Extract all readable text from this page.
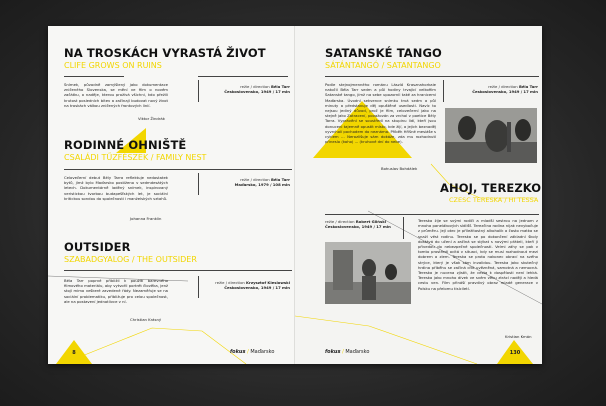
NA TROSKÁCH VYRASTÁ ŽIVOT
CLIFE GROWS ON RUINS
Snímek, původně zamýšlený jako dokumentace zničeného Slovenska, se mění ve film o novém začátku, o naděje, kterou prožívá všichni, kdo přežili krutost posledních bitev a začínají budovat nový život na troskách válkou zničených frontových linií.
Viktor Žindrák
režie / direction Béla Tarr
Československo, 1949 / 17 min
RODINNÉ OHNIŠTĚ
CSALÁDI TŰZFÉSZEK / FAMILY NEST
Celovečerní debut Bély Tarra reflektuje nedostatek bytů, jímž bylo Maďarsko postiženo v sedmdesátých letech. Dokumentárně laděný snímek, inspirovaný veristickou tvorbou budapešťských let, je sociální kritickou sondou do společnosti i manželských vztahů.
Johanna Franklin
režie / direction Béla Tarr
Maďarsko, 1979 / 108 min
OUTSIDER
SZABADGYALOG / THE OUTSIDER
Béla Tarr poprvé přibližil k použití barevného filmového materiálu, aby vytvořil portrét člověka, jenž stojí mimo veškeré zavedené řády. Nezaměřuje se na sociální problematiku, přibližuje pro celou společnost, ale na postavení jednotlivce v ní.
Christian Krásný
režie / direction Krzysztof Kieslowski
Československo, 1949 / 17 min
8	fokus / Maďarsko
SATANSKÉ TANGO
SÁTÁNTANGÓ / SATANTANGO
Podle stejnojmenného románu László Krasznahorkaie natočil Béla Tarr sedm a půl hodiny trvající velkofilm Satanské tango, jímž na sebe upozornil také za hranicemi Maďarska. Úvodní sekvence snímku trvá sedm a půl minuty a představuje děj opuštěné usedlosti. Navíc to nejsou jediný důvod, proč je film, celovečerní jako na stejně jako Zatracení, považován za vrchol v poetice Bély Tarra. Vyprávění se soustředí na skupinu lidí, kteří jsou donuceni tajemně opustit místo, kde žijí, a jejich beznaděj vyvrcholí pochodem do neznáma. Příběh Hříšné mesiáše s cyklem ... Nerozlišuje sám dokáže, zda mu rozhodnutí přineslo (koho) ... (kruhové dní do nebe).
Bohuslav Bohdálek
režie / direction Béla Tarr
Československo, 1949 / 17 min
AHOJ, TEREZKO
CZESC TERESKA / HI TESSA
režie / direction Robert Gliński
Československo, 1949 / 17 min
Tereska žije se svými rodiči a mladší sestrou na jednom z mnoha panelákových sídlišť. Terezčina rodina nijak nevybočuje z průměru. Její otec je příležitostný alkoholik a často matka se snaží vést rodinu. Tereska se po dokončení základní školy dostává do učení a začíná se stýkat s novými přáteli, kteří ji přivedou do nebezpečné společnosti. Velmi záhy se pak v tomto prostředí ocitá v situaci, kdy se musí rozhodnout mezi dobrem a zlem. Tereska se proto nakonec obrací na svého strýce, který je však sám invalidou. Tereska jako skutečný hrdina příběhu se začíná cítit uvězněná, samotná a nemocná. Tereska je nucena zjistit, že cesta k dospělosti není lehká. Tereska jako mnoho dívek ve svém věku ztrácí naději a hledá cestu ven. Film přináší pravdivý obraz mladé generace v Polsku na přelomu tisíciletí.
Kristian Kmán
fokus / Maďarsko	130
